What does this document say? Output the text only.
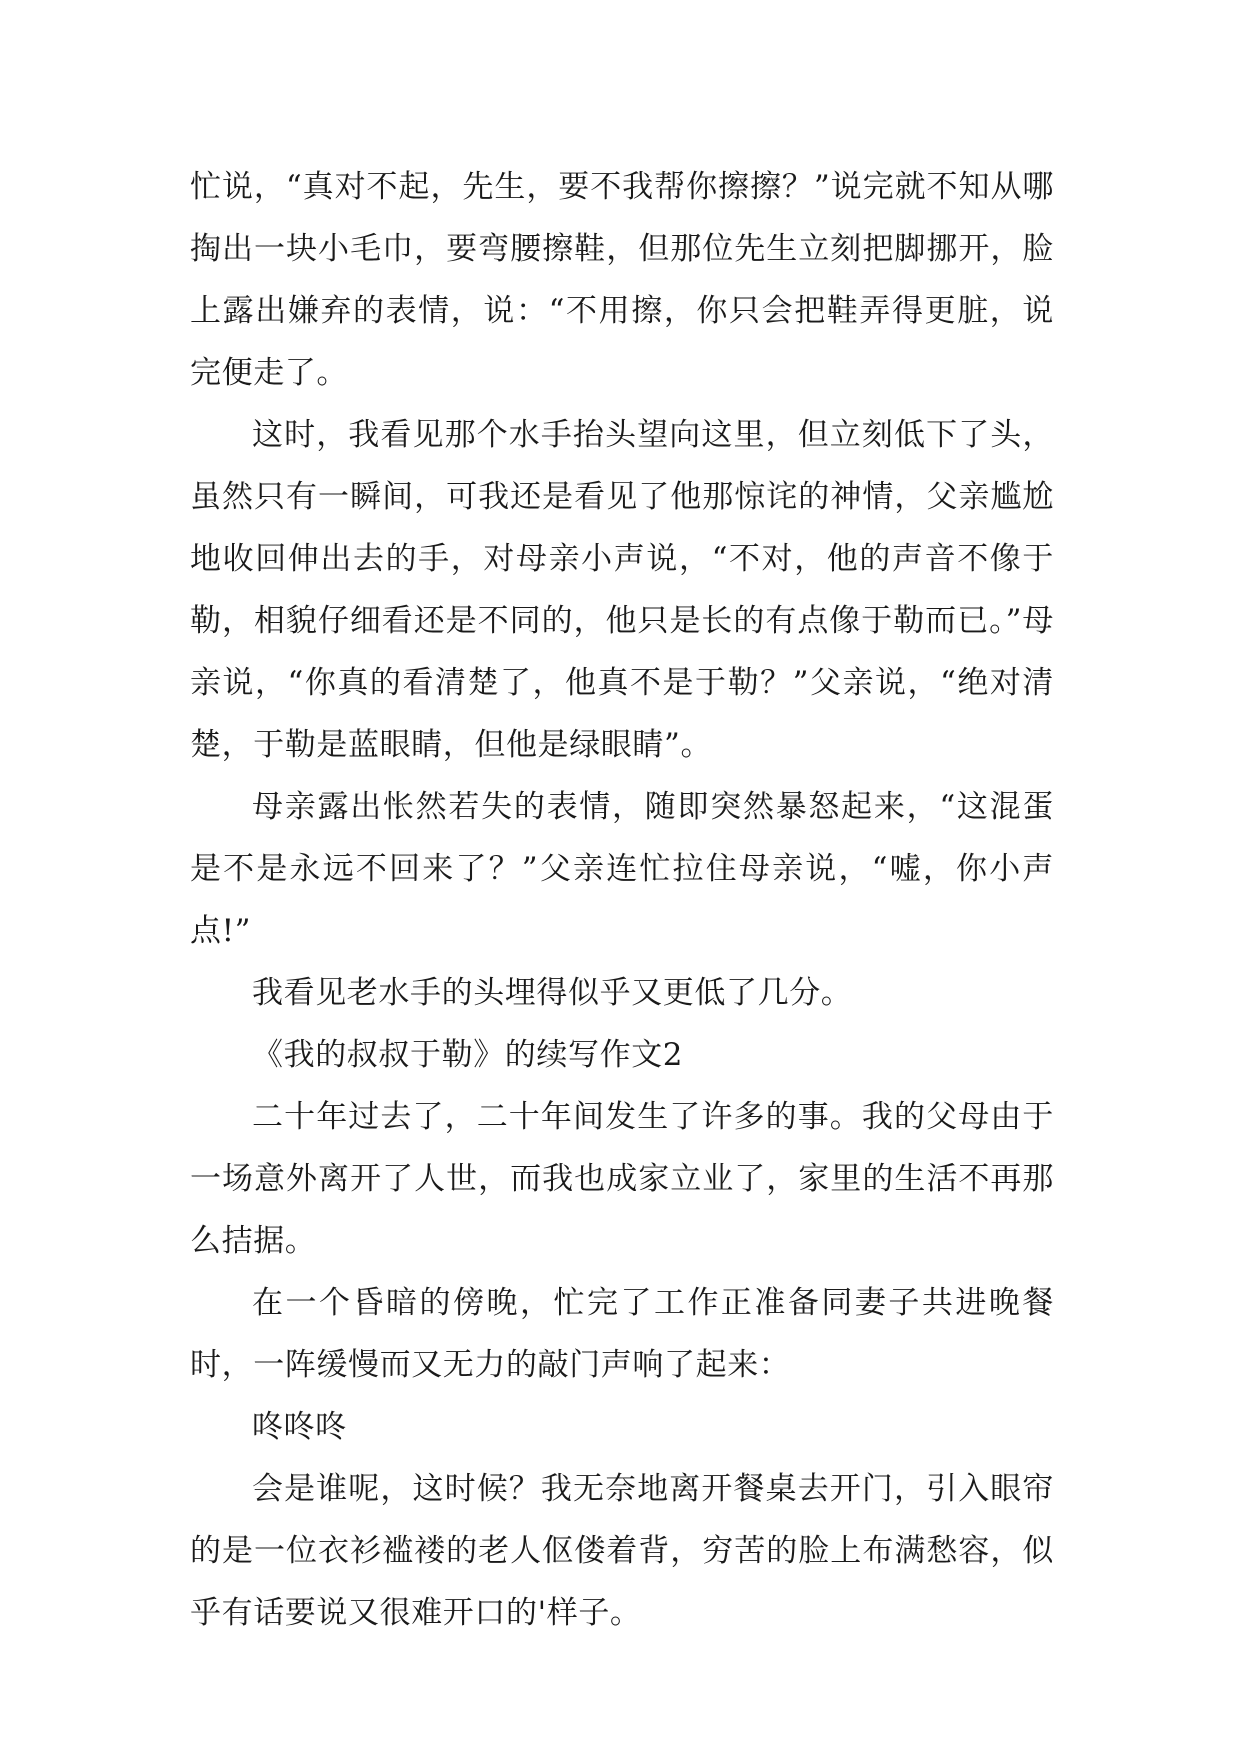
忙说，“真对不起，先生，要不我帮你擦擦？”说完就不知从哪掏出一块小毛巾，要弯腰擦鞋，但那位先生立刻把脚挪开，脸上露出嫌弃的表情，说：“不用擦，你只会把鞋弄得更脏，说完便走了。

这时，我看见那个水手抬头望向这里，但立刻低下了头，虽然只有一瞬间，可我还是看见了他那惊诧的神情，父亲尴尬地收回伸出去的手，对母亲小声说，“不对，他的声音不像于勒，相貌仔细看还是不同的，他只是长的有点像于勒而已。”母亲说，“你真的看清楚了，他真不是于勒？”父亲说，“绝对清楚，于勒是蓝眼睛，但他是绿眼睛”。

母亲露出怅然若失的表情，随即突然暴怒起来，“这混蛋是不是永远不回来了？”父亲连忙拉住母亲说，“嘘，你小声点!”

我看见老水手的头埋得似乎又更低了几分。

《我的叔叔于勒》的续写作文2

二十年过去了，二十年间发生了许多的事。我的父母由于一场意外离开了人世，而我也成家立业了，家里的生活不再那么拮据。

在一个昏暗的傍晚，忙完了工作正准备同妻子共进晚餐时，一阵缓慢而又无力的敲门声响了起来：

咚咚咚

会是谁呢，这时候？我无奈地离开餐桌去开门，引入眼帘的是一位衣衫褴褛的老人伛偻着背，穷苦的脸上布满愁容，似乎有话要说又很难开口的'样子。
